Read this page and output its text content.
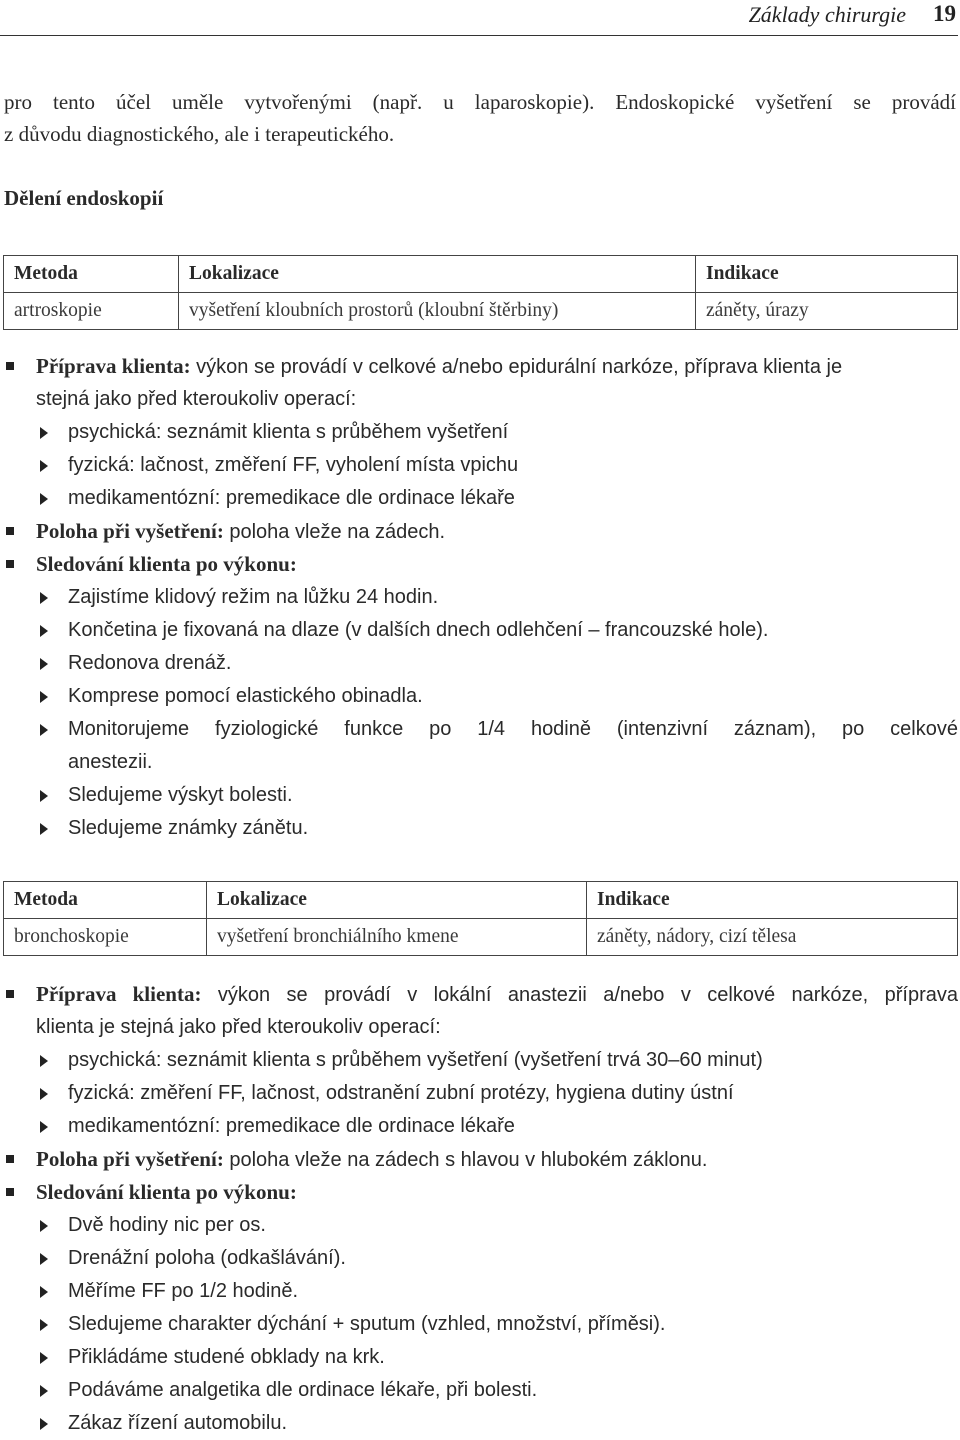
Základy chirurgie 19
pro tento účel uměle vytvořenými (např. u laparoskopie). Endoskopické vyšetření se provádí
z důvodu diagnostického, ale i terapeutického.
Dělení endoskopií
Metoda	Lokalizace	Indikace
artroskopie	vyšetření kloubních prostorů (kloubní štěrbiny)	záněty, úrazy
Příprava klienta: výkon se provádí v celkové a/nebo epidurální narkóze, příprava klienta je
stejná jako před kteroukoliv operací:
psychická: seznámit klienta s průběhem vyšetření
fyzická: lačnost, změření FF, vyholení místa vpichu
medikamentózní: premedikace dle ordinace lékaře
Poloha při vyšetření: poloha vleže na zádech.
Sledování klienta po výkonu:
Zajistíme klidový režim na lůžku 24 hodin.
Končetina je fixovaná na dlaze (v dalších dnech odlehčení – francouzské hole).
Redonova drenáž.
Komprese pomocí elastického obinadla.
Monitorujeme fyziologické funkce po 1/4 hodině (intenzivní záznam), po celkové
anestezii.
Sledujeme výskyt bolesti.
Sledujeme známky zánětu.
Metoda	Lokalizace	Indikace
bronchoskopie	vyšetření bronchiálního kmene	záněty, nádory, cizí tělesa
Příprava klienta: výkon se provádí v lokální anastezii a/nebo v celkové narkóze, příprava
klienta je stejná jako před kteroukoliv operací:
psychická: seznámit klienta s průběhem vyšetření (vyšetření trvá 30–60 minut)
fyzická: změření FF, lačnost, odstranění zubní protézy, hygiena dutiny ústní
medikamentózní: premedikace dle ordinace lékaře
Poloha při vyšetření: poloha vleže na zádech s hlavou v hlubokém záklonu.
Sledování klienta po výkonu:
Dvě hodiny nic per os.
Drenážní poloha (odkašlávání).
Měříme FF po 1/2 hodině.
Sledujeme charakter dýchání + sputum (vzhled, množství, příměsi).
Přikládáme studené obklady na krk.
Podáváme analgetika dle ordinace lékaře, při bolesti.
Zákaz řízení automobilu.
